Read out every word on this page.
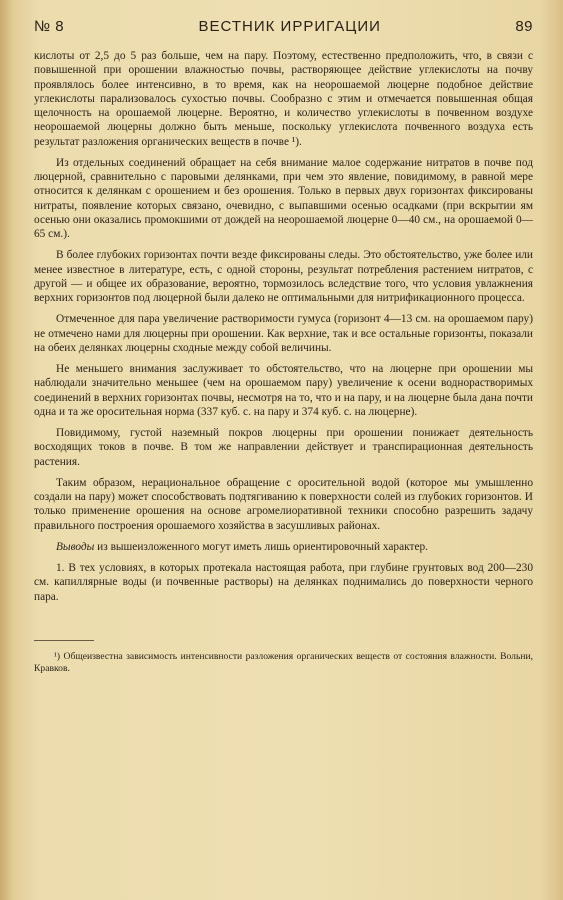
№ 8	ВЕСТНИК ИРРИГАЦИИ	89

кислоты от 2,5 до 5 раз больше, чем на пару. Поэтому, естественно предположить, что, в связи с повышенной при орошении влажностью почвы, растворяющее действие углекислоты на почву проявлялось более интенсивно, в то время, как на неорошаемой люцерне подобное действие углекислоты парализовалось сухостью почвы. Сообразно с этим и отмечается повышенная общая щелочность на орошаемой люцерне. Вероятно, и количество углекислоты в почвенном воздухе неорошаемой люцерны должно быть меньше, поскольку углекислота почвенного воздуха есть результат разложения органических веществ в почве ¹).

Из отдельных соединений обращает на себя внимание малое содержание нитратов в почве под люцерной, сравнительно с паровыми делянками, при чем это явление, повидимому, в равной мере относится к делянкам с орошением и без орошения. Только в первых двух горизонтах фиксированы нитраты, появление которых связано, очевидно, с выпавшими осенью осадками (при вскрытии ям осенью они оказались промокшими от дождей на неорошаемой люцерне 0—40 см., на орошаемой 0—65 см.).

В более глубоких горизонтах почти везде фиксированы следы. Это обстоятельство, уже более или менее известное в литературе, есть, с одной стороны, результат потребления растением нитратов, с другой — и общее их образование, вероятно, тормозилось вследствие того, что условия увлажнения верхних горизонтов под люцерной были далеко не оптимальными для нитрификационного процесса.

Отмеченное для пара увеличение растворимости гумуса (горизонт 4—13 см. на орошаемом пару) не отмечено нами для люцерны при орошении. Как верхние, так и все остальные горизонты, показали на обеих делянках люцерны сходные между собой величины.

Не меньшего внимания заслуживает то обстоятельство, что на люцерне при орошении мы наблюдали значительно меньшее (чем на орошаемом пару) увеличение к осени воднорастворимых соединений в верхних горизонтах почвы, несмотря на то, что и на пару, и на люцерне была дана почти одна и та же оросительная норма (337 куб. с. на пару и 374 куб. с. на люцерне).

Повидимому, густой наземный покров люцерны при орошении понижает деятельность восходящих токов в почве. В том же направлении действует и транспирационная деятельность растения.

Таким образом, нерациональное обращение с оросительной водой (которое мы умышленно создали на пару) может способствовать подтягиванию к поверхности солей из глубоких горизонтов. И только применение орошения на основе агромелиоративной техники способно разрешить задачу правильного построения орошаемого хозяйства в засушливых районах.

Выводы из вышеизложенного могут иметь лишь ориентировочный характер.

1. В тех условиях, в которых протекала настоящая работа, при глубине грунтовых вод 200—230 см. капиллярные воды (и почвенные растворы) на делянках поднимались до поверхности черного пара.

¹) Общеизвестна зависимость интенсивности разложения органических веществ от состояния влажности. Вольни, Кравков.
